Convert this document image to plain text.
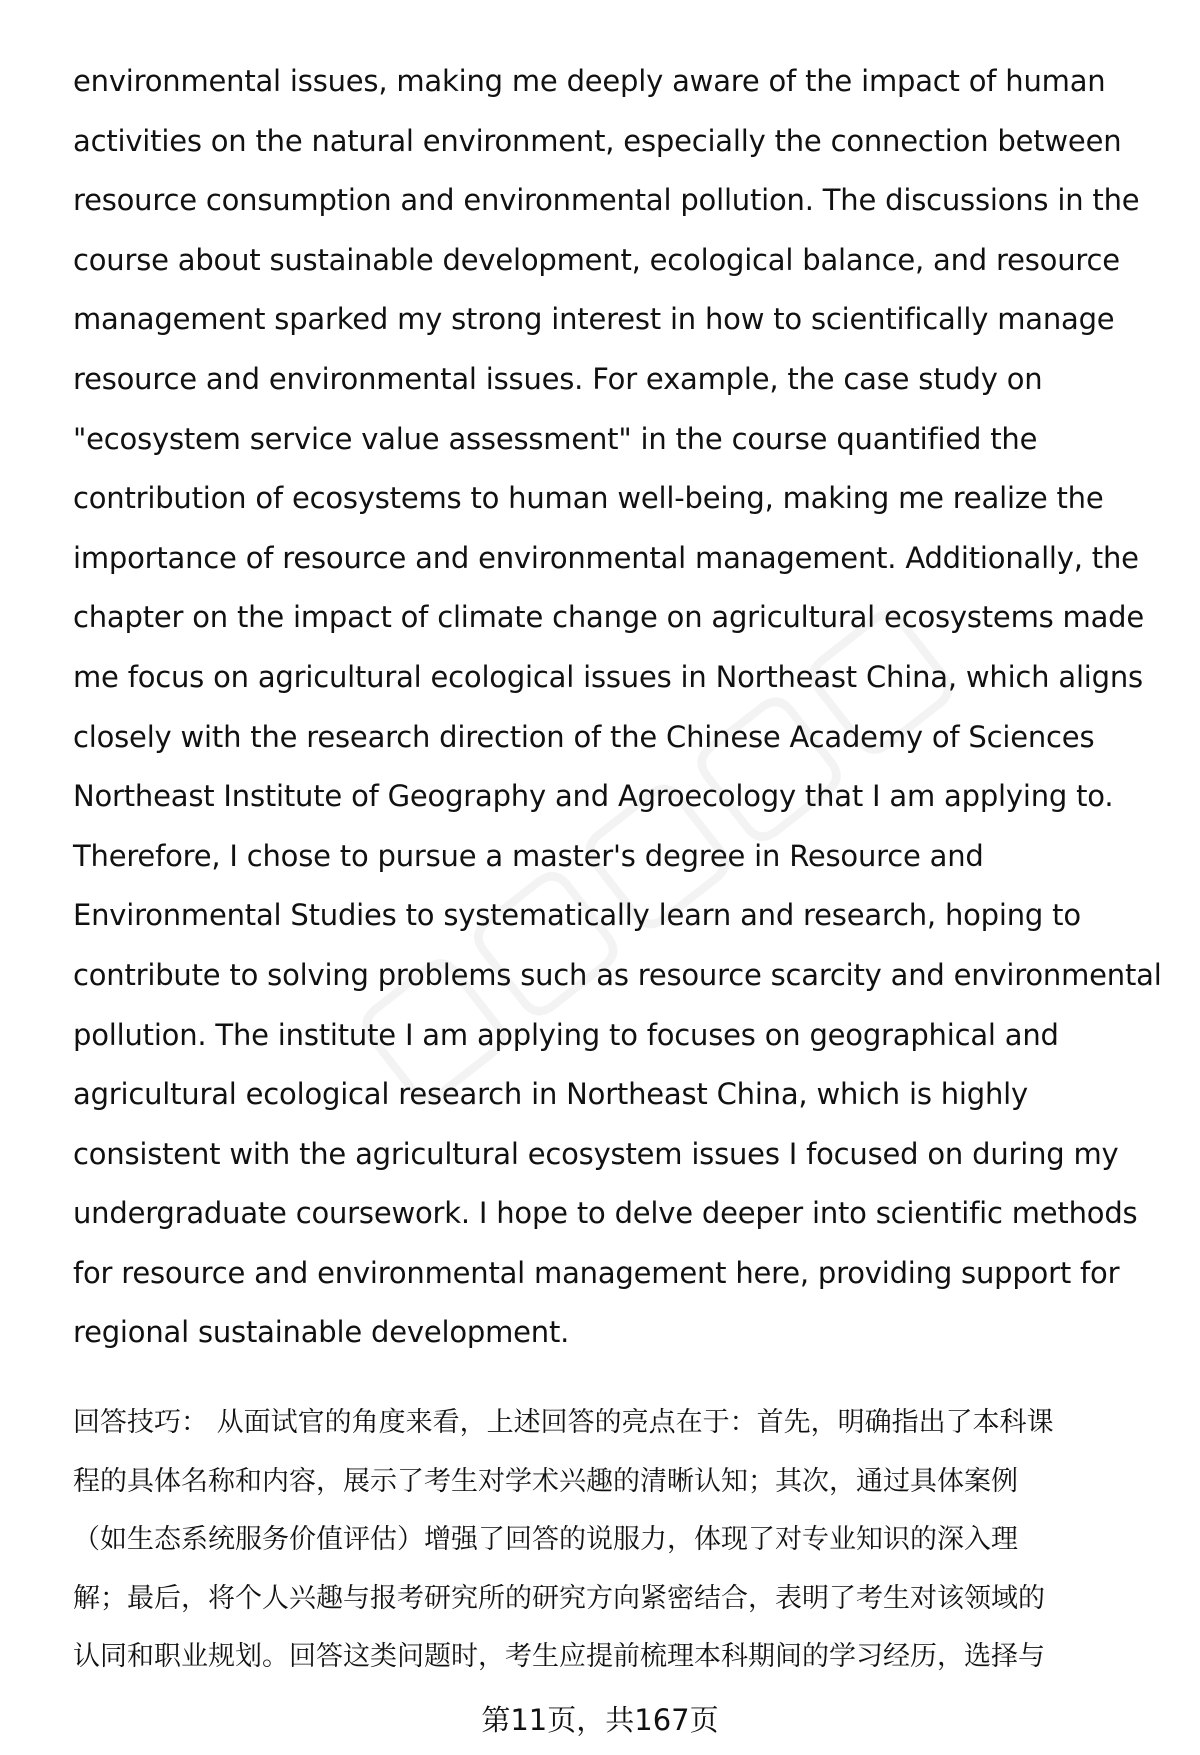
environmental issues, making me deeply aware of the impact of human
activities on the natural environment, especially the connection between
resource consumption and environmental pollution. The discussions in the
course about sustainable development, ecological balance, and resource
management sparked my strong interest in how to scientifically manage
resource and environmental issues. For example, the case study on
"ecosystem service value assessment" in the course quantified the
contribution of ecosystems to human well-being, making me realize the
importance of resource and environmental management. Additionally, the
chapter on the impact of climate change on agricultural ecosystems made
me focus on agricultural ecological issues in Northeast China, which aligns
closely with the research direction of the Chinese Academy of Sciences
Northeast Institute of Geography and Agroecology that I am applying to.
Therefore, I chose to pursue a master's degree in Resource and
Environmental Studies to systematically learn and research, hoping to
contribute to solving problems such as resource scarcity and environmental
pollution. The institute I am applying to focuses on geographical and
agricultural ecological research in Northeast China, which is highly
consistent with the agricultural ecosystem issues I focused on during my
undergraduate coursework. I hope to delve deeper into scientific methods
for resource and environmental management here, providing support for
regional sustainable development.

回答技巧： 从面试官的角度来看，上述回答的亮点在于：首先，明确指出了本科课
程的具体名称和内容，展示了考生对学术兴趣的清晰认知；其次，通过具体案例
（如生态系统服务价值评估）增强了回答的说服力，体现了对专业知识的深入理
解；最后，将个人兴趣与报考研究所的研究方向紧密结合，表明了考生对该领域的
认同和职业规划。回答这类问题时，考生应提前梳理本科期间的学习经历，选择与

第11页，共167页
